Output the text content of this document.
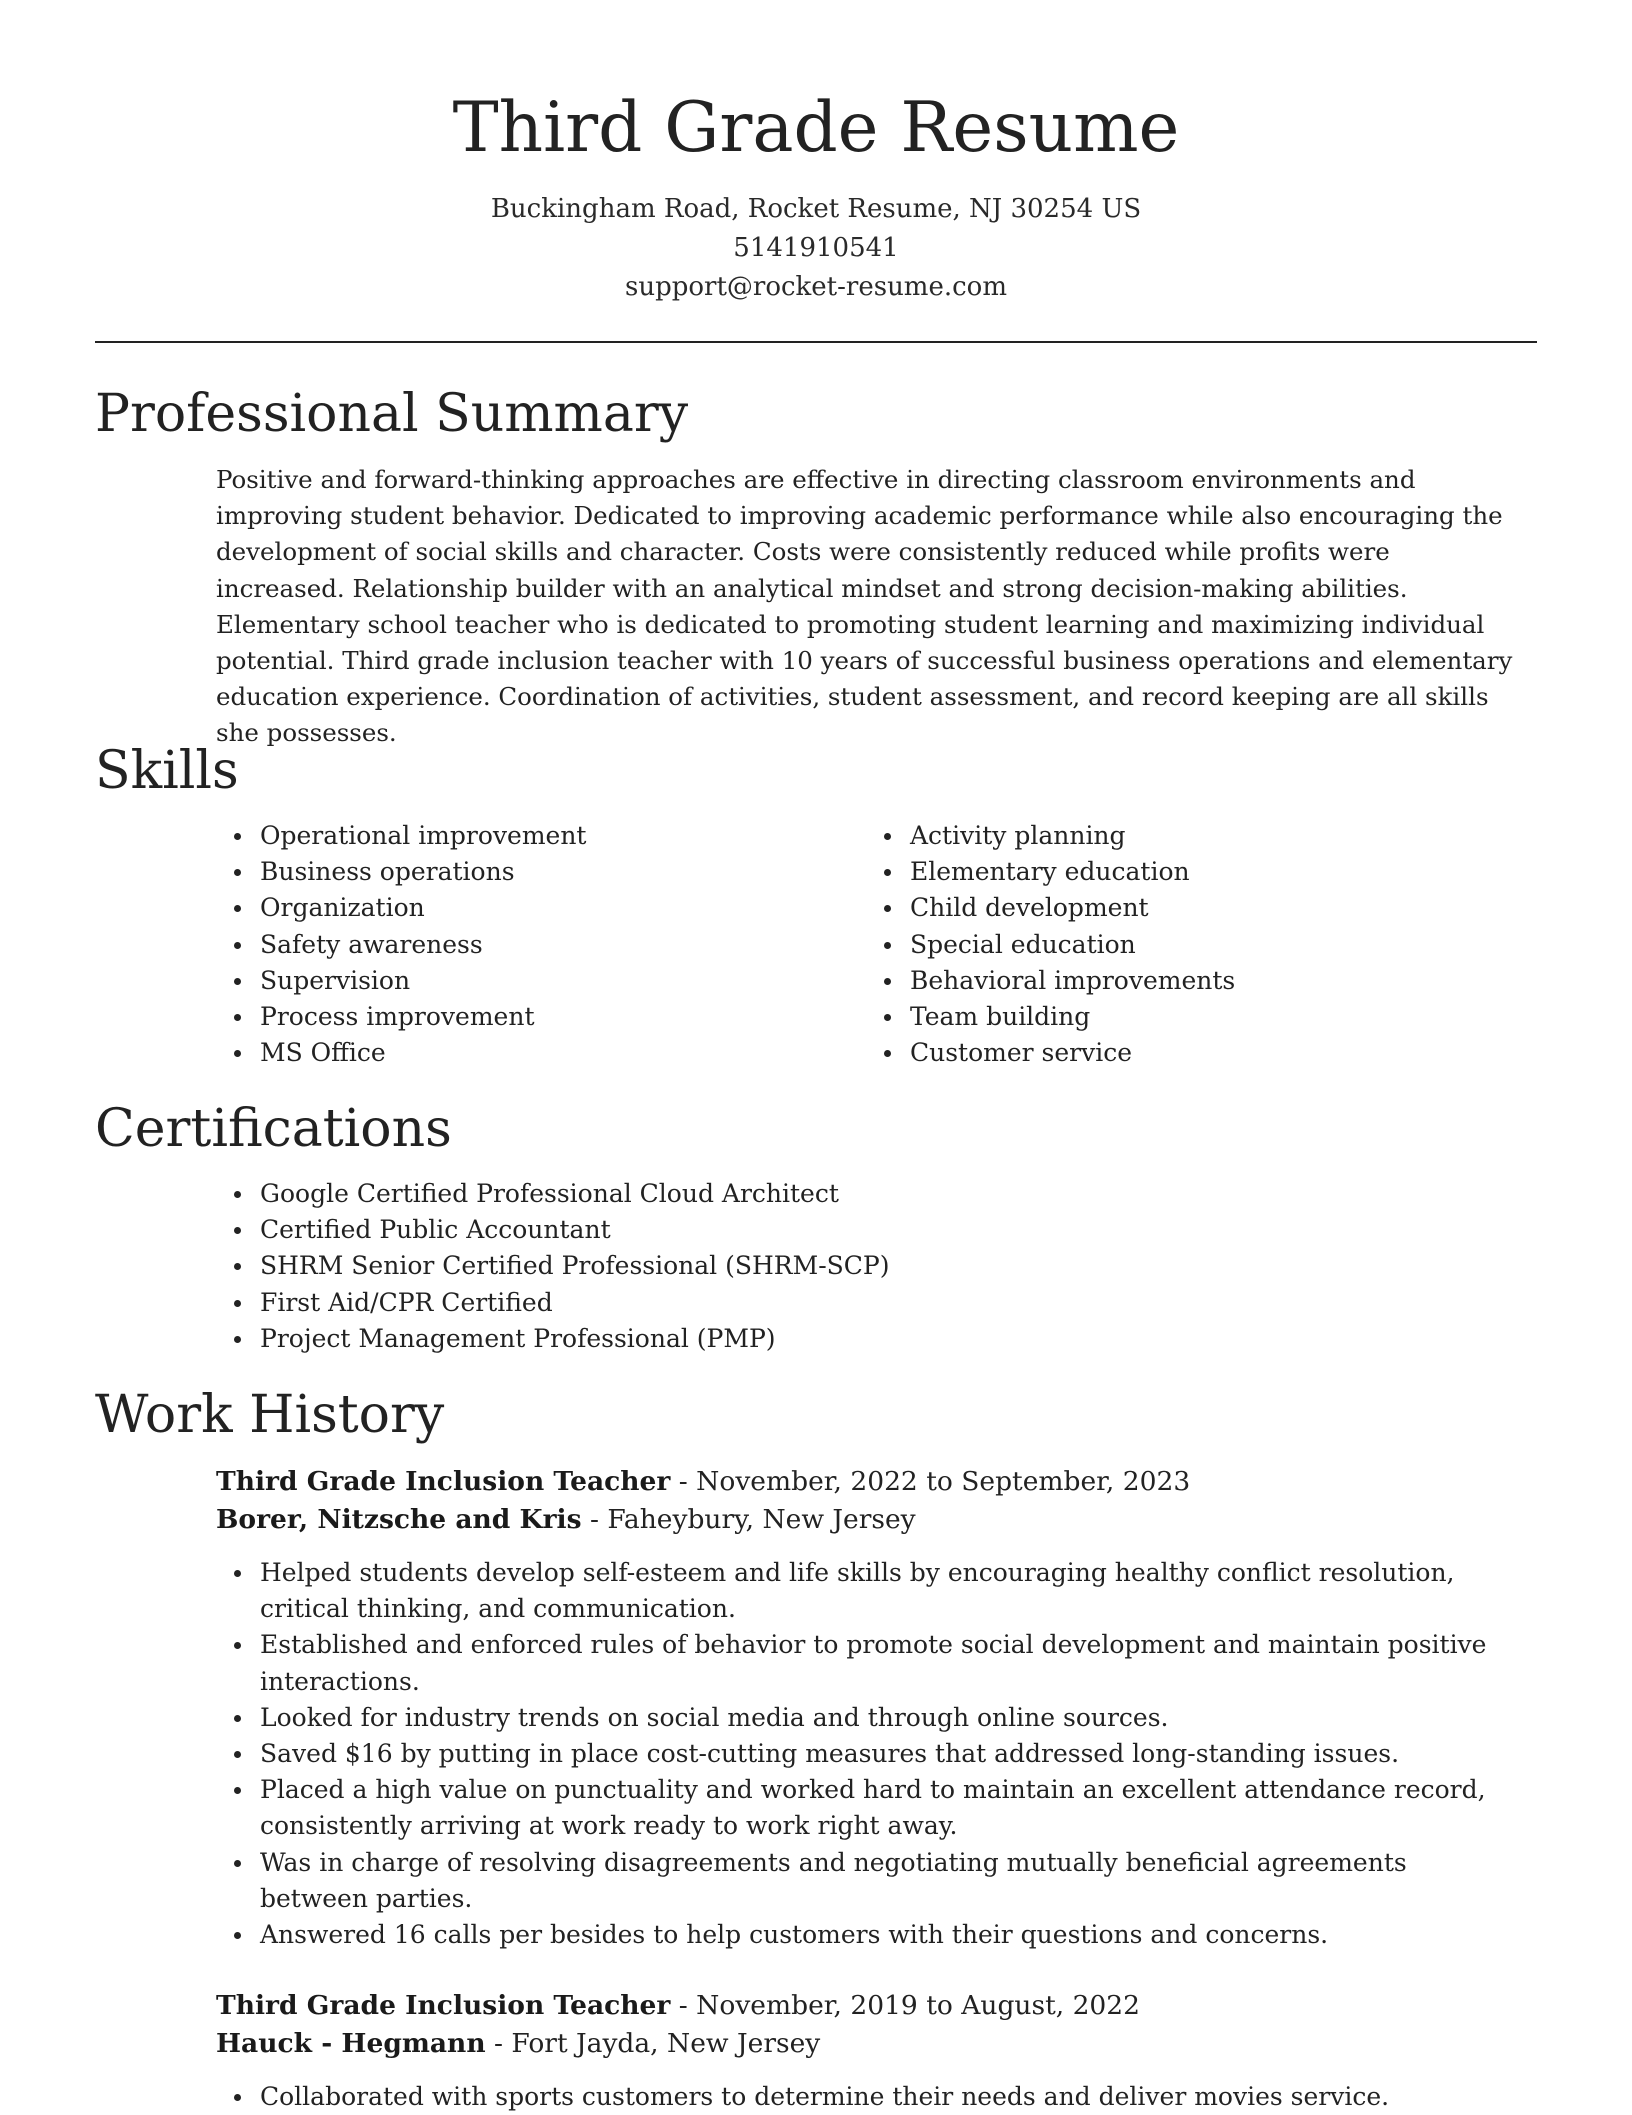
Third Grade Resume
Buckingham Road, Rocket Resume, NJ 30254 US
5141910541
support@rocket-resume.com
Professional Summary

Positive and forward-thinking approaches are effective in directing classroom environments and improving student behavior. Dedicated to improving academic performance while also encouraging the development of social skills and character. Costs were consistently reduced while profits were increased. Relationship builder with an analytical mindset and strong decision-making abilities. Elementary school teacher who is dedicated to promoting student learning and maximizing individual potential. Third grade inclusion teacher with 10 years of successful business operations and elementary education experience. Coordination of activities, student assessment, and record keeping are all skills she possesses.

Skills
Operational improvement
Business operations
Organization
Safety awareness
Supervision
Process improvement
MS Office
Activity planning
Elementary education
Child development
Special education
Behavioral improvements
Team building
Customer service
Certifications
Google Certified Professional Cloud Architect
Certified Public Accountant
SHRM Senior Certified Professional (SHRM-SCP)
First Aid/CPR Certified
Project Management Professional (PMP)
Work History
Third Grade Inclusion Teacher - November, 2022 to September, 2023
Borer, Nitzsche and Kris - Faheybury, New Jersey
Helped students develop self-esteem and life skills by encouraging healthy conflict resolution, critical thinking, and communication.
Established and enforced rules of behavior to promote social development and maintain positive interactions.
Looked for industry trends on social media and through online sources.
Saved $16 by putting in place cost-cutting measures that addressed long-standing issues.
Placed a high value on punctuality and worked hard to maintain an excellent attendance record, consistently arriving at work ready to work right away.
Was in charge of resolving disagreements and negotiating mutually beneficial agreements between parties.
Answered 16 calls per besides to help customers with their questions and concerns.
Third Grade Inclusion Teacher - November, 2019 to August, 2022
Hauck - Hegmann - Fort Jayda, New Jersey
Collaborated with sports customers to determine their needs and deliver movies service.
